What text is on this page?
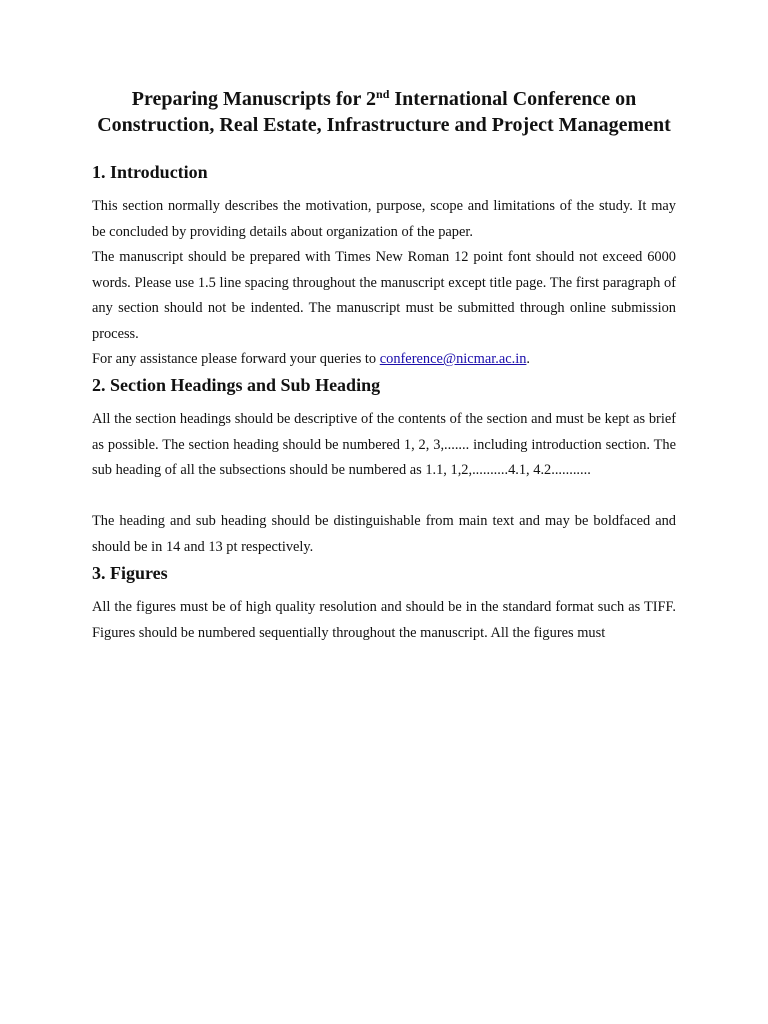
Preparing Manuscripts for 2nd International Conference on Construction, Real Estate, Infrastructure and Project Management
1. Introduction

This section normally describes the motivation, purpose, scope and limitations of the study. It may be concluded by providing details about organization of the paper.

The manuscript should be prepared with Times New Roman 12 point font should not exceed 6000 words. Please use 1.5 line spacing throughout the manuscript except title page. The first paragraph of any section should not be indented. The manuscript must be submitted through online submission process.

For any assistance please forward your queries to conference@nicmar.ac.in.

2. Section Headings and Sub Heading

All the section headings should be descriptive of the contents of the section and must be kept as brief as possible. The section heading should be numbered 1, 2, 3,....... including introduction section. The sub heading of all the subsections should be numbered as 1.1, 1,2,..........4.1, 4.2...........

The heading and sub heading should be distinguishable from main text and may be boldfaced and should be in 14 and 13 pt respectively.

3. Figures

All the figures must be of high quality resolution and should be in the standard format such as TIFF. Figures should be numbered sequentially throughout the manuscript. All the figures must
